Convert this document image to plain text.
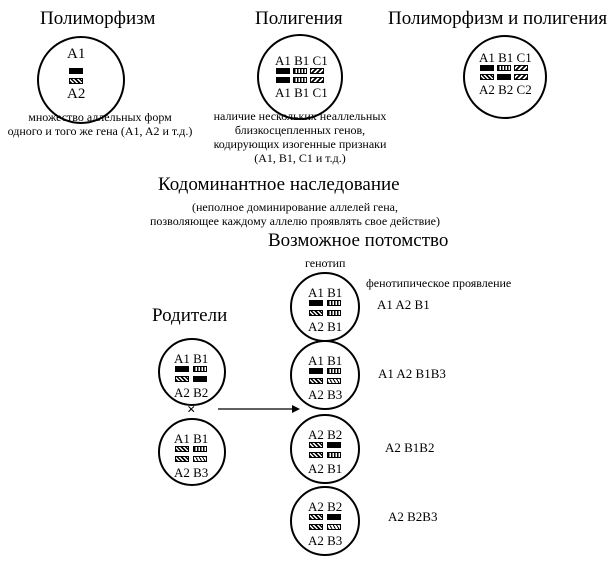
Полиморфизм
A1
A2
множество аллельных форм
одного и того же гена (A1, A2 и т.д.)
Полигения
A1 B1 C1
A1 B1 C1
наличие нескольких неаллельных
близкосцепленных генов,
кодирующих изогенные признаки
(A1, B1, C1 и т.д.)
Полиморфизм и полигения
A1 B1 C1
A2 B2 C2
Кодоминантное наследование
(неполное доминирование аллелей гена,
позволяющее каждому аллелю проявлять свое действие)
Возможное потомство
генотип
фенотипическое проявление
Родители
A1 B1
A2 B2
×
A1 B1
A2 B3
A1 B1
A2 B1
A1 A2 B1
A1 B1
A2 B3
A1 A2 B1B3
A2 B2
A2 B1
A2 B1B2
A2 B2
A2 B3
A2 B2B3
